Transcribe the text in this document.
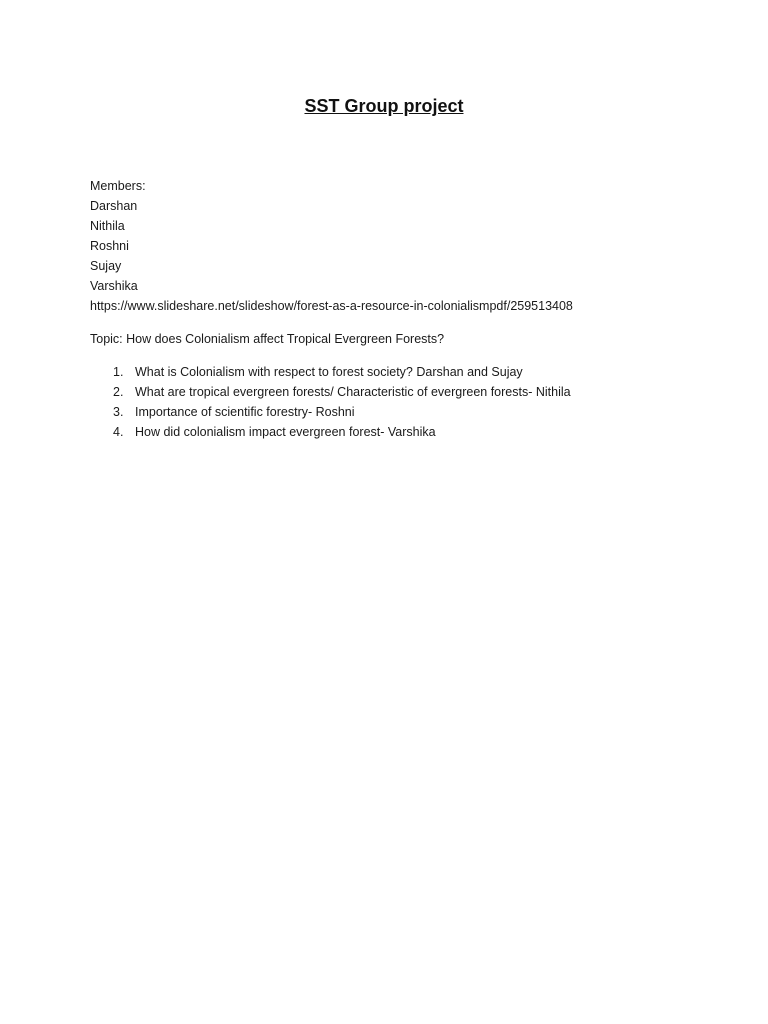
SST Group project
Members:
Darshan
Nithila
Roshni
Sujay
Varshika
https://www.slideshare.net/slideshow/forest-as-a-resource-in-colonialismpdf/259513408
Topic: How does Colonialism affect Tropical Evergreen Forests?
1. What is Colonialism with respect to forest society? Darshan and Sujay
2. What are tropical evergreen forests/ Characteristic of evergreen forests- Nithila
3. Importance of scientific forestry- Roshni
4. How did colonialism impact evergreen forest- Varshika
